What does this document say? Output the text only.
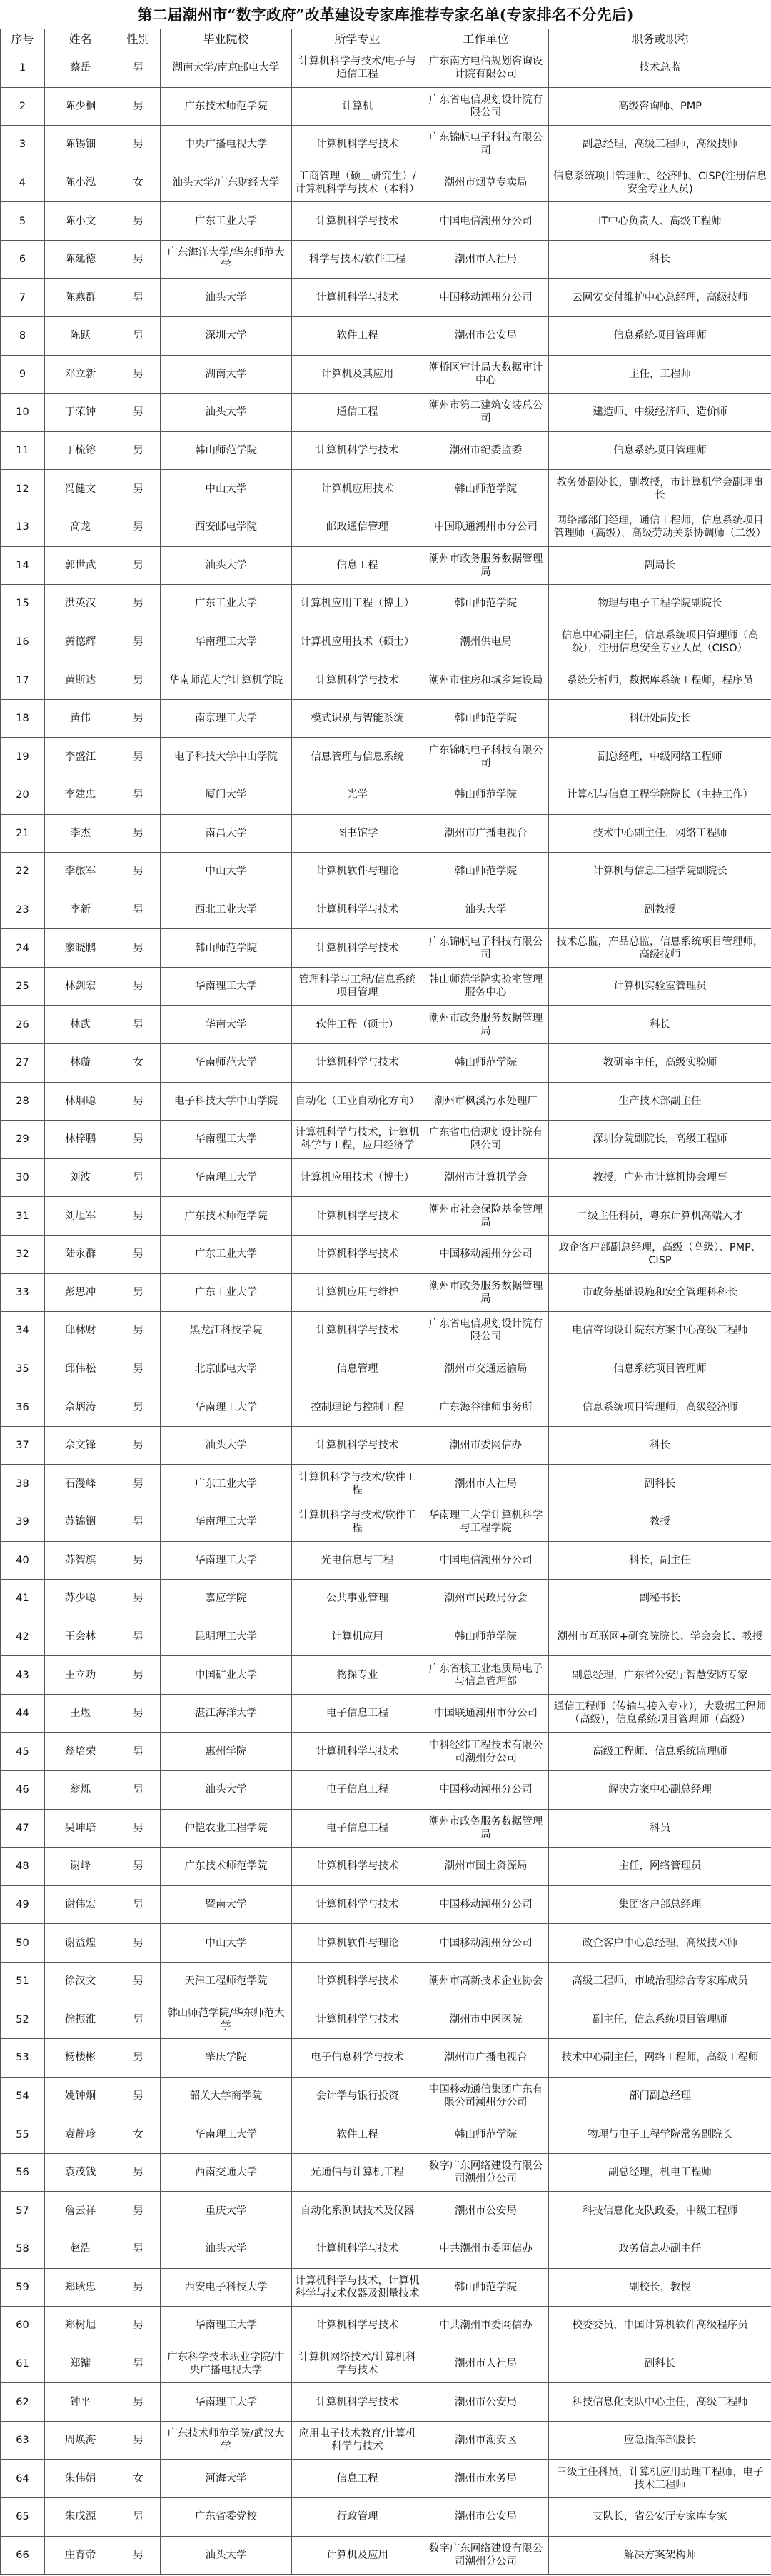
第二届潮州市“数字政府”改革建设专家库推荐专家名单(专家排名不分先后)
序号	姓名	性别	毕业院校	所学专业	工作单位	职务或职称
1	蔡岳	男	湖南大学/南京邮电大学	计算机科学与技术/电子与通信工程	广东南方电信规划咨询设计院有限公司	技术总监
2	陈少桐	男	广东技术师范学院	计算机	广东省电信规划设计院有限公司	高级咨询师、PMP
3	陈锡钿	男	中央广播电视大学	计算机科学与技术	广东锦帆电子科技有限公司	副总经理，高级工程师，高级技师
4	陈小泓	女	汕头大学/广东财经大学	工商管理（硕士研究生）/计算机科学与技术（本科）	潮州市烟草专卖局	信息系统项目管理师、经济师、CISP(注册信息安全专业人员)
5	陈小文	男	广东工业大学	计算机科学与技术	中国电信潮州分公司	IT中心负责人、高级工程师
6	陈延德	男	广东海洋大学/华东师范大学	科学与技术/软件工程	潮州市人社局	科长
7	陈燕群	男	汕头大学	计算机科学与技术	中国移动潮州分公司	云网安交付维护中心总经理，高级技师
8	陈跃	男	深圳大学	软件工程	潮州市公安局	信息系统项目管理师
9	邓立新	男	湖南大学	计算机及其应用	潮桥区审计局大数据审计中心	主任，工程师
10	丁荣钟	男	汕头大学	通信工程	潮州市第二建筑安装总公司	建造师、中级经济师、造价师
11	丁梳镕	男	韩山师范学院	计算机科学与技术	潮州市纪委监委	信息系统项目管理师
12	冯健文	男	中山大学	计算机应用技术	韩山师范学院	教务处副处长，副教授，市计算机学会副理事长
13	高龙	男	西安邮电学院	邮政通信管理	中国联通潮州市分公司	网络部部门经理，通信工程师，信息系统项目管理师（高级），高级劳动关系协调师（二级）
14	郭世武	男	汕头大学	信息工程	潮州市政务服务数据管理局	副局长
15	洪英汉	男	广东工业大学	计算机应用工程（博士）	韩山师范学院	物理与电子工程学院副院长
16	黄德辉	男	华南理工大学	计算机应用技术（硕士）	潮州供电局	信息中心副主任，信息系统项目管理师（高级），注册信息安全专业人员（CISO）
17	黄斯达	男	华南师范大学计算机学院	计算机科学与技术	潮州市住房和城乡建设局	系统分析师，数据库系统工程师，程序员
18	黄伟	男	南京理工大学	模式识别与智能系统	韩山师范学院	科研处副处长
19	李盛江	男	电子科技大学中山学院	信息管理与信息系统	广东锦帆电子科技有限公司	副总经理，中级网络工程师
20	李建忠	男	厦门大学	光学	韩山师范学院	计算机与信息工程学院院长（主持工作）
21	李杰	男	南昌大学	图书馆学	潮州市广播电视台	技术中心副主任，网络工程师
22	李旅军	男	中山大学	计算机软件与理论	韩山师范学院	计算机与信息工程学院副院长
23	李新	男	西北工业大学	计算机科学与技术	汕头大学	副教授
24	廖晓鹏	男	韩山师范学院	计算机科学与技术	广东锦帆电子科技有限公司	技术总监，产品总监，信息系统项目管理师，高级技师
25	林剑宏	男	华南理工大学	管理科学与工程/信息系统项目管理	韩山师范学院实验室管理服务中心	计算机实验室管理员
26	林武	男	华南大学	软件工程（硕士）	潮州市政务服务数据管理局	科长
27	林璇	女	华南师范大学	计算机科学与技术	韩山师范学院	教研室主任，高级实验师
28	林炯聪	男	电子科技大学中山学院	自动化（工业自动化方向）	潮州市枫溪污水处理厂	生产技术部副主任
29	林梓鹏	男	华南理工大学	计算机科学与技术，计算机科学与工程，应用经济学	广东省电信规划设计院有限公司	深圳分院副院长，高级工程师
30	刘波	男	华南理工大学	计算机应用技术（博士）	潮州市计算机学会	教授，广州市计算机协会理事
31	刘旭军	男	广东技术师范学院	计算机科学与技术	潮州市社会保险基金管理局	二级主任科员，粤东计算机高端人才
32	陆永群	男	广东工业大学	计算机科学与技术	中国移动潮州分公司	政企客户部副总经理，高级（高级）、PMP、CISP
33	彭思冲	男	广东工业大学	计算机应用与维护	潮州市政务服务数据管理局	市政务基础设施和安全管理科科长
34	邱林财	男	黑龙江科技学院	计算机科学与技术	广东省电信规划设计院有限公司	电信咨询设计院东方案中心高级工程师
35	邱伟松	男	北京邮电大学	信息管理	潮州市交通运输局	信息系统项目管理师
36	佘炳涛	男	华南理工大学	控制理论与控制工程	广东海谷律师事务所	信息系统项目管理师，高级经济师
37	佘文锋	男	汕头大学	计算机科学与技术	潮州市委网信办	科长
38	石漫峰	男	广东工业大学	计算机科学与技术/软件工程	潮州市人社局	副科长
39	苏锦铟	男	华南理工大学	计算机科学与技术/软件工程	华南理工大学计算机科学与工程学院	教授
40	苏智旗	男	华南理工大学	光电信息与工程	中国电信潮州分公司	科长，副主任
41	苏少聪	男	嘉应学院	公共事业管理	潮州市民政局分会	副秘书长
42	王会林	男	昆明理工大学	计算机应用	韩山师范学院	潮州市互联网+研究院院长、学会会长、教授
43	王立功	男	中国矿业大学	物探专业	广东省核工业地质局电子与信息管理部	副总经理，广东省公安厅智慧安防专家
44	王煜	男	湛江海洋大学	电子信息工程	中国联通潮州市分公司	通信工程师（传输与接入专业），大数据工程师（高级），信息系统项目管理师（高级）
45	翁培荣	男	惠州学院	计算机科学与技术	中科经纬工程技术有限公司潮州分公司	高级工程师、信息系统监理师
46	翁烁	男	汕头大学	电子信息工程	中国移动潮州分公司	解决方案中心副总经理
47	吴坤培	男	仲恺农业工程学院	电子信息工程	潮州市政务服务数据管理局	科员
48	谢峰	男	广东技术师范学院	计算机科学与技术	潮州市国土资源局	主任，网络管理员
49	谢伟宏	男	暨南大学	计算机科学与技术	中国移动潮州分公司	集团客户部总经理
50	谢益煌	男	中山大学	计算机软件与理论	中国移动潮州分公司	政企客户中心总经理，高级技术师
51	徐汉文	男	天津工程师范学院	计算机科学与技术	潮州市高新技术企业协会	高级工程师，市城治理综合专家库成员
52	徐振淮	男	韩山师范学院/华东师范大学	计算机科学与技术	潮州市中医医院	副主任，信息系统项目管理师
53	杨楼彬	男	肇庆学院	电子信息科学与技术	潮州市广播电视台	技术中心副主任，网络工程师，高级工程师
54	姚钟炯	男	韶关大学商学院	会计学与银行投资	中国移动通信集团广东有限公司潮州分公司	部门副总经理
55	袁静珍	女	华南理工大学	软件工程	韩山师范学院	物理与电子工程学院常务副院长
56	袁茂钱	男	西南交通大学	光通信与计算机工程	数字广东网络建设有限公司潮州分公司	副总经理，机电工程师
57	詹云祥	男	重庆大学	自动化系测试技术及仪器	潮州市公安局	科技信息化支队政委，中级工程师
58	赵浩	男	汕头大学	计算机科学与技术	中共潮州市委网信办	政务信息办副主任
59	郑耿忠	男	西安电子科技大学	计算机科学与技术，计算机科学与技术仪器及测量技术	韩山师范学院	副校长，教授
60	郑树旭	男	华南理工大学	计算机科学与技术	中共潮州市委网信办	校委委员，中国计算机软件高级程序员
61	郑镛	男	广东科学技术职业学院/中央广播电视大学	计算机网络技术/计算机科学与技术	潮州市人社局	副科长
62	钟平	男	华南理工大学	计算机科学与技术	潮州市公安局	科技信息化支队中心主任，高级工程师
63	周焕海	男	广东技术师范学院/武汉大学	应用电子技术教育/计算机科学与技术	潮州市潮安区	应急指挥部股长
64	朱伟娟	女	河海大学	信息工程	潮州市水务局	三级主任科员，计算机应用助理工程师，电子技术工程师
65	朱戊源	男	广东省委党校	行政管理	潮州市公安局	支队长，省公安厅专家库专家
66	庄育帝	男	汕头大学	计算机及应用	数字广东网络建设有限公司潮州分公司	解决方案架构师
